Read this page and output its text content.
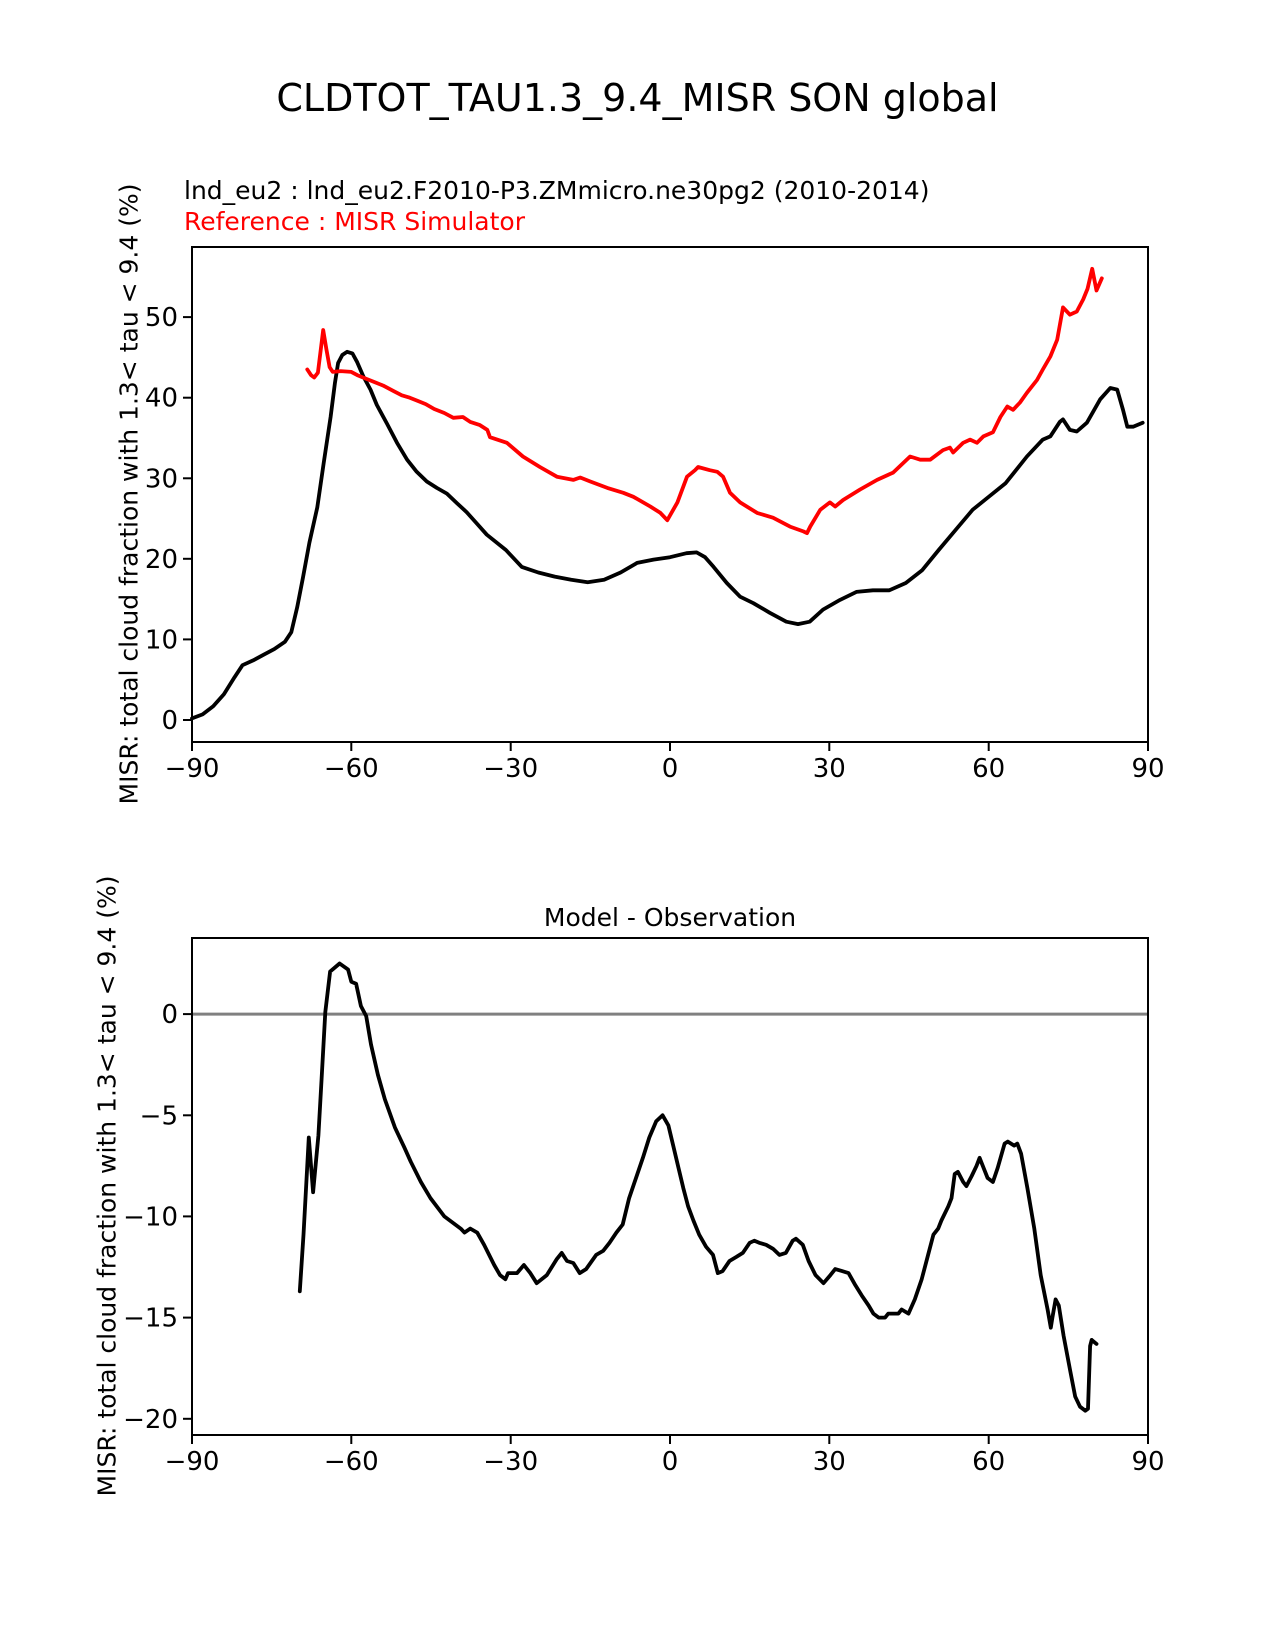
CLDTOT_TAU1.3_9.4_MISR SON global
lnd_eu2 : lnd_eu2.F2010-P3.ZMmicro.ne30pg2 (2010-2014)
Reference : MISR Simulator
MISR: total cloud fraction with 1.3< tau < 9.4 (%)
MISR: total cloud fraction with 1.3< tau < 9.4 (%)	Model - Observation
−90	−60	−30	0	30	60	90
0
10
20
30
40
50
−90	−60	−30	0	30	60	90
0
−5
−10
−15
−20
